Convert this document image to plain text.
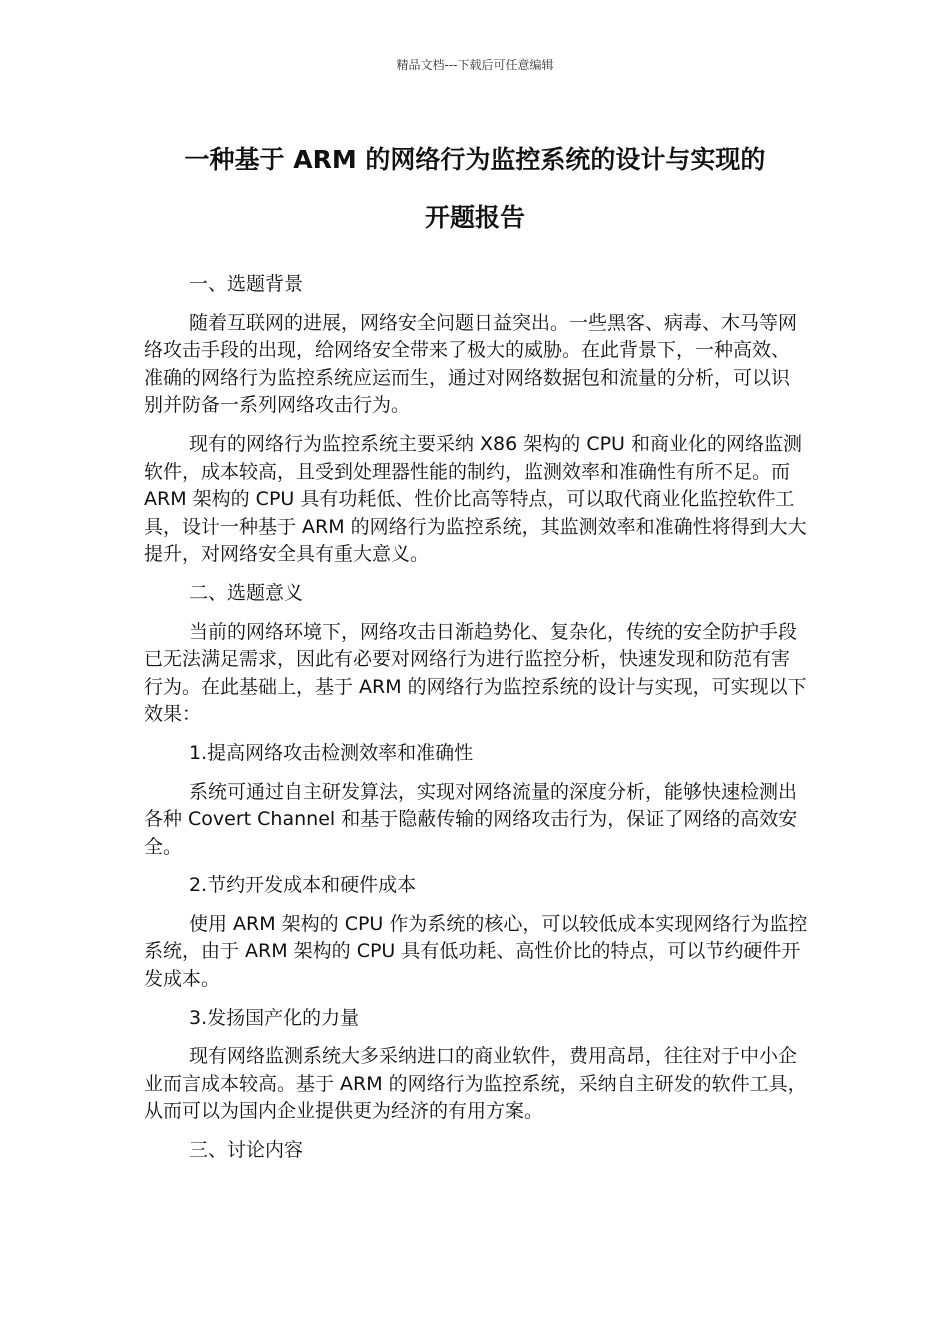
精品文档---下载后可任意编辑
一种基于 ARM 的网络行为监控系统的设计与实现的
开题报告

一、选题背景

随着互联网的进展，网络安全问题日益突出。一些黑客、病毒、木马等网络攻击手段的出现，给网络安全带来了极大的威胁。在此背景下，一种高效、准确的网络行为监控系统应运而生，通过对网络数据包和流量的分析，可以识别并防备一系列网络攻击行为。

现有的网络行为监控系统主要采纳 X86 架构的 CPU 和商业化的网络监测软件，成本较高，且受到处理器性能的制约，监测效率和准确性有所不足。而 ARM 架构的 CPU 具有功耗低、性价比高等特点，可以取代商业化监控软件工具，设计一种基于 ARM 的网络行为监控系统，其监测效率和准确性将得到大大提升，对网络安全具有重大意义。

二、选题意义

当前的网络环境下，网络攻击日渐趋势化、复杂化，传统的安全防护手段已无法满足需求，因此有必要对网络行为进行监控分析，快速发现和防范有害行为。在此基础上，基于 ARM 的网络行为监控系统的设计与实现，可实现以下效果：

1.提高网络攻击检测效率和准确性

系统可通过自主研发算法，实现对网络流量的深度分析，能够快速检测出各种 Covert Channel 和基于隐蔽传输的网络攻击行为，保证了网络的高效安全。

2.节约开发成本和硬件成本

使用 ARM 架构的 CPU 作为系统的核心，可以较低成本实现网络行为监控系统，由于 ARM 架构的 CPU 具有低功耗、高性价比的特点，可以节约硬件开发成本。

3.发扬国产化的力量

现有网络监测系统大多采纳进口的商业软件，费用高昂，往往对于中小企业而言成本较高。基于 ARM 的网络行为监控系统，采纳自主研发的软件工具，从而可以为国内企业提供更为经济的有用方案。

三、讨论内容
